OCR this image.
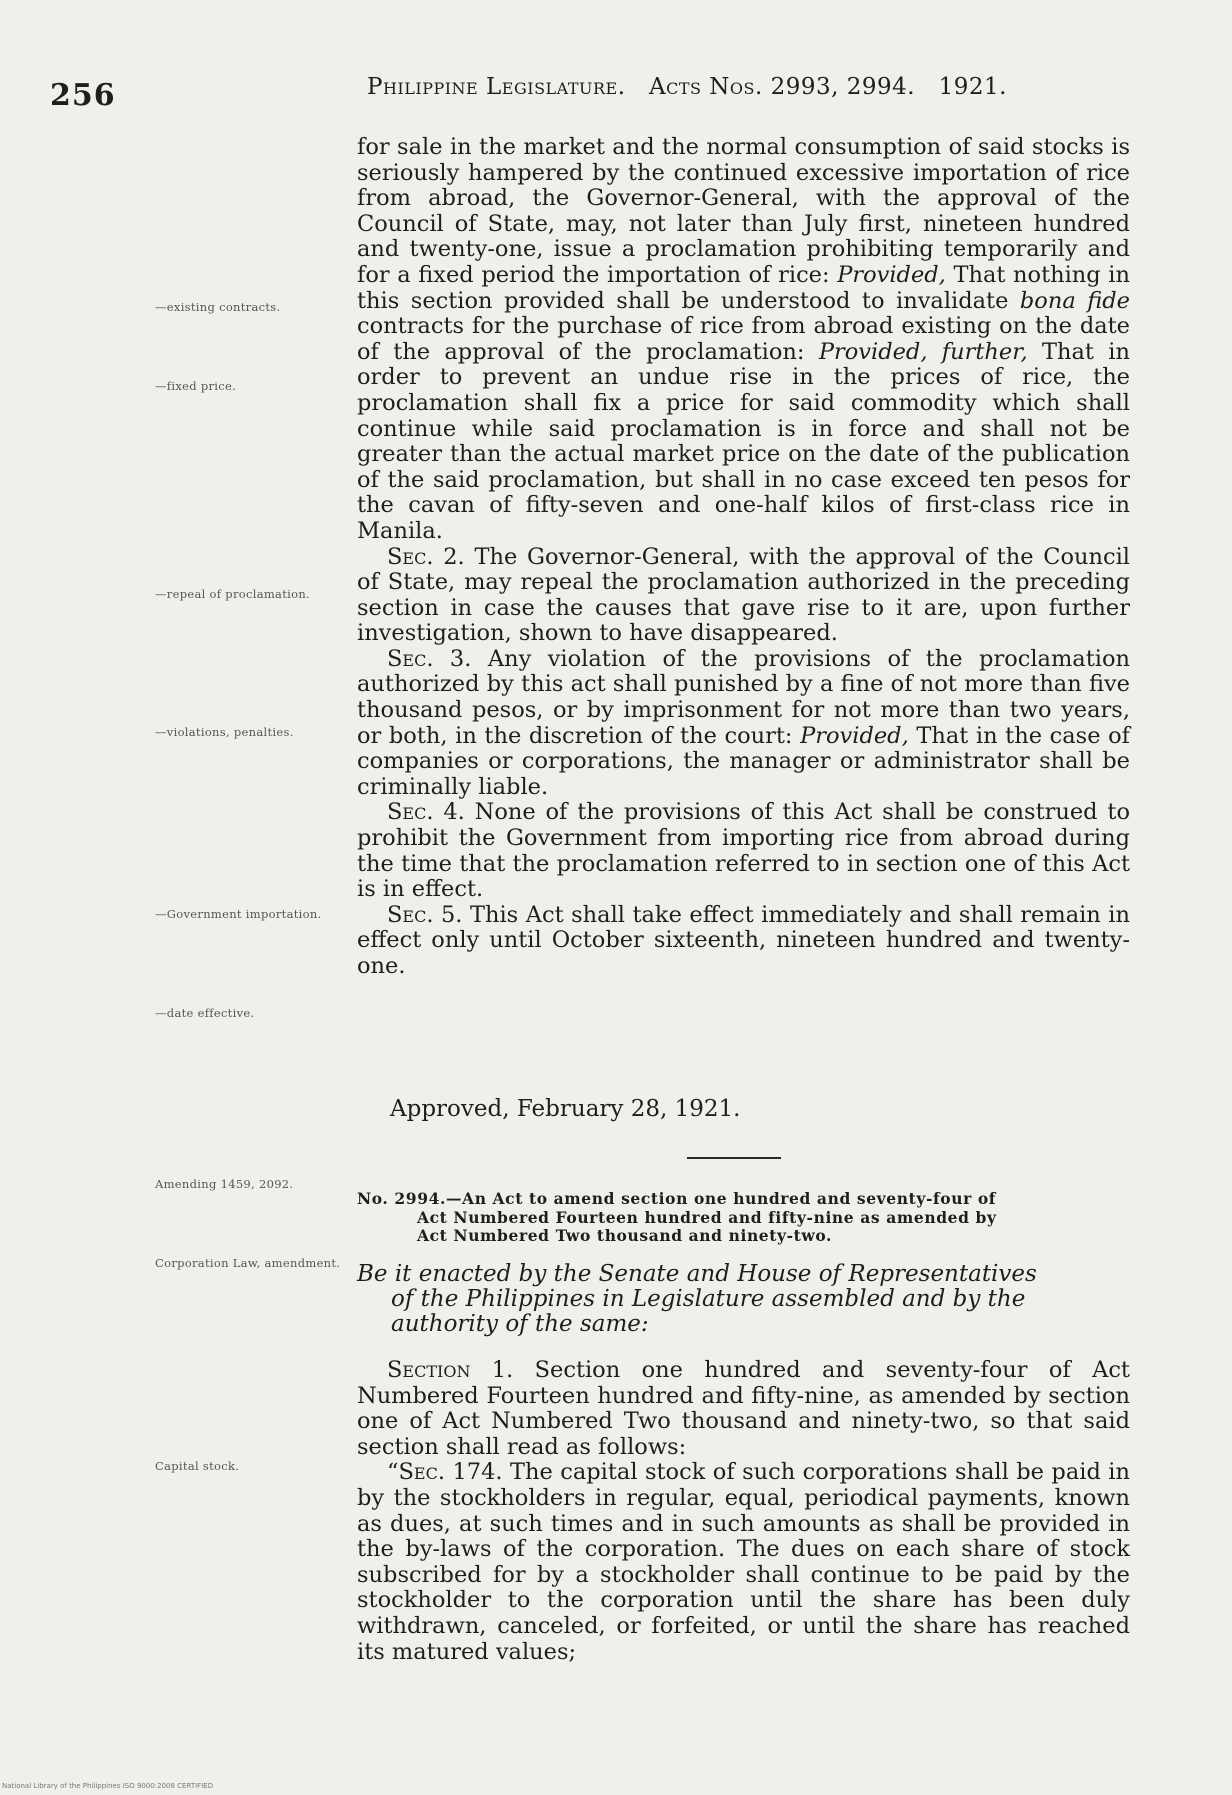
256	Philippine Legislature. Acts Nos. 2993, 2994. 1921.
—existing contracts.
—fixed price.
—repeal of proclamation.
—violations, penalties.
—Government importation.
—date effective.
Amending 1459, 2092.
Corporation Law, amendment.
Capital stock.

for sale in the market and the normal consumption of said stocks is seriously hampered by the continued excessive importation of rice from abroad, the Governor-General, with the approval of the Council of State, may, not later than July first, nineteen hundred and twenty-one, issue a proclamation prohibiting temporarily and for a fixed period the importation of rice: Provided, That nothing in this section provided shall be understood to invalidate bona fide contracts for the purchase of rice from abroad existing on the date of the approval of the proclamation: Provided, further, That in order to prevent an undue rise in the prices of rice, the proclamation shall fix a price for said commodity which shall continue while said proclamation is in force and shall not be greater than the actual market price on the date of the publication of the said proclamation, but shall in no case exceed ten pesos for the cavan of fifty-seven and one-half kilos of first-class rice in Manila.

Sec. 2. The Governor-General, with the approval of the Council of State, may repeal the proclamation authorized in the preceding section in case the causes that gave rise to it are, upon further investigation, shown to have disappeared.

Sec. 3. Any violation of the provisions of the proclamation authorized by this act shall punished by a fine of not more than five thousand pesos, or by imprisonment for not more than two years, or both, in the discretion of the court: Provided, That in the case of companies or corporations, the manager or administrator shall be criminally liable.

Sec. 4. None of the provisions of this Act shall be construed to prohibit the Government from importing rice from abroad during the time that the proclamation referred to in section one of this Act is in effect.

Sec. 5. This Act shall take effect immediately and shall remain in effect only until October sixteenth, nineteen hundred and twenty-one.

Approved, February 28, 1921.
No. 2994.—An Act to amend section one hundred and seventy-four of
Act Numbered Fourteen hundred and fifty-nine as amended by
Act Numbered Two thousand and ninety-two.
Be it enacted by the Senate and House of Representatives
of the Philippines in Legislature assembled and by the
authority of the same:

Section 1. Section one hundred and seventy-four of Act Numbered Fourteen hundred and fifty-nine, as amended by section one of Act Numbered Two thousand and ninety-two, so that said section shall read as follows:

“Sec. 174. The capital stock of such corporations shall be paid in by the stockholders in regular, equal, periodical payments, known as dues, at such times and in such amounts as shall be provided in the by-laws of the corporation. The dues on each share of stock subscribed for by a stockholder shall continue to be paid by the stockholder to the corporation until the share has been duly withdrawn, canceled, or forfeited, or until the share has reached its matured values;

National Library of the Philippines ISO 9000:2008 CERTIFIED
